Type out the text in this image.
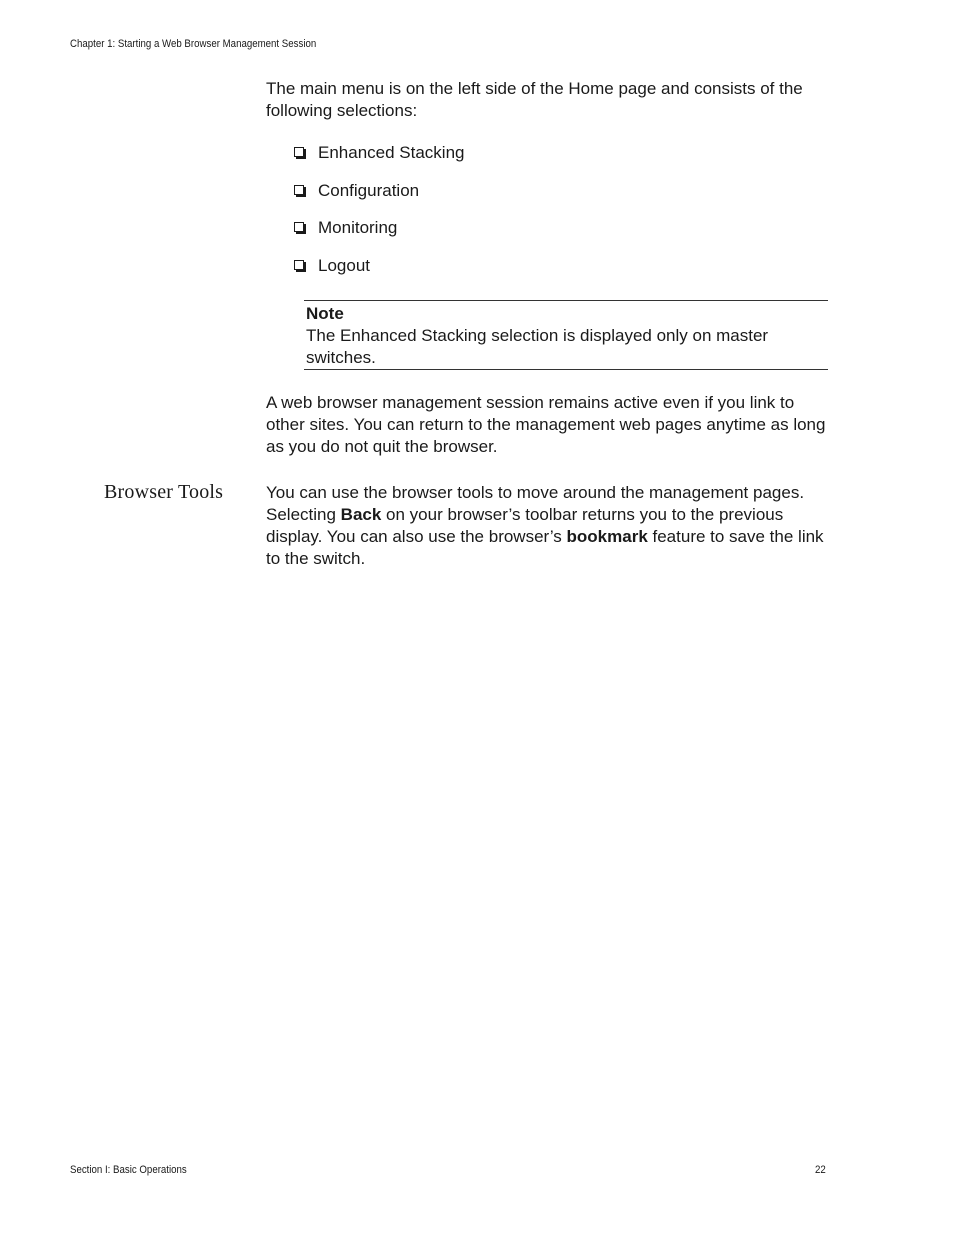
Chapter 1: Starting a Web Browser Management Session

The main menu is on the left side of the Home page and consists of the following selections:

Enhanced Stacking
Configuration
Monitoring
Logout

Note

The Enhanced Stacking selection is displayed only on master switches.

A web browser management session remains active even if you link to other sites. You can return to the management web pages anytime as long as you do not quit the browser.

Browser Tools	You can use the browser tools to move around the management pages. Selecting Back on your browser’s toolbar returns you to the previous display. You can also use the browser’s bookmark feature to save the link to the switch.

Section I: Basic Operations	22
